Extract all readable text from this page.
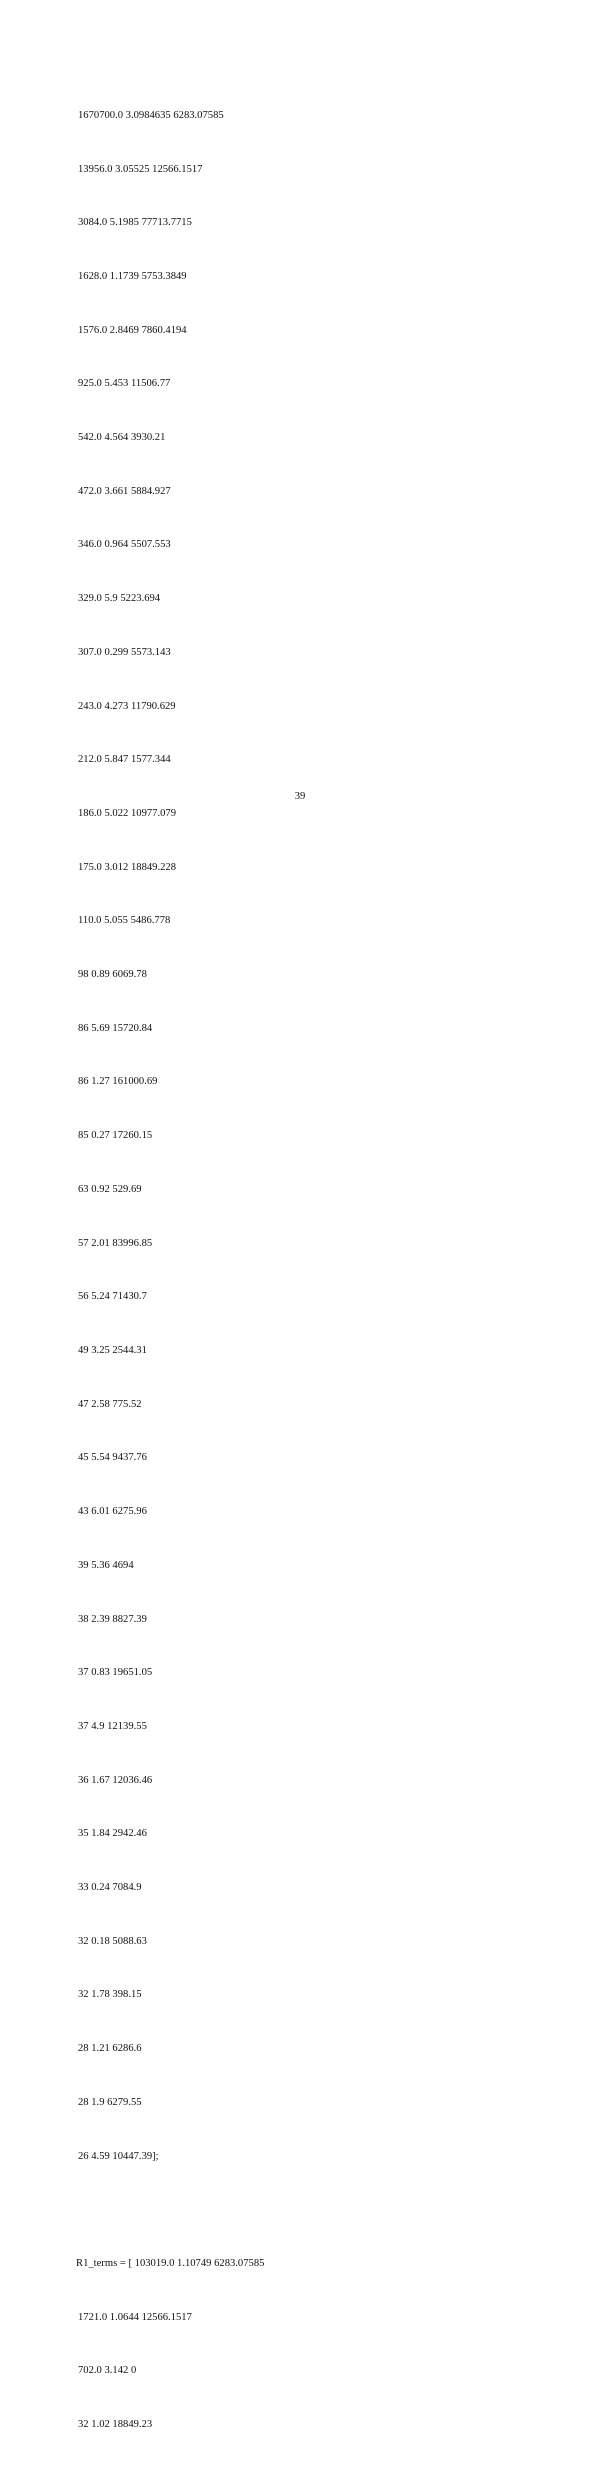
1670700.0 3.0984635 6283.07585

13956.0 3.05525 12566.1517

3084.0 5.1985 77713.7715

1628.0 1.1739 5753.3849

1576.0 2.8469 7860.4194

925.0 5.453 11506.77

542.0 4.564 3930.21

472.0 3.661 5884.927

346.0 0.964 5507.553

329.0 5.9 5223.694

307.0 0.299 5573.143

243.0 4.273 11790.629

212.0 5.847 1577.344

186.0 5.022 10977.079

175.0 3.012 18849.228

110.0 5.055 5486.778

98 0.89 6069.78

86 5.69 15720.84

86 1.27 161000.69

85 0.27 17260.15

63 0.92 529.69

57 2.01 83996.85

56 5.24 71430.7

49 3.25 2544.31

47 2.58 775.52

45 5.54 9437.76

43 6.01 6275.96

39 5.36 4694

38 2.39 8827.39

37 0.83 19651.05

37 4.9 12139.55

36 1.67 12036.46

35 1.84 2942.46

33 0.24 7084.9

32 0.18 5088.63

32 1.78 398.15

28 1.21 6286.6

28 1.9 6279.55

26 4.59 10447.39];

R1_terms = [ 103019.0 1.10749 6283.07585

1721.0 1.0644 12566.1517

702.0 3.142 0

32 1.02 18849.23

39
